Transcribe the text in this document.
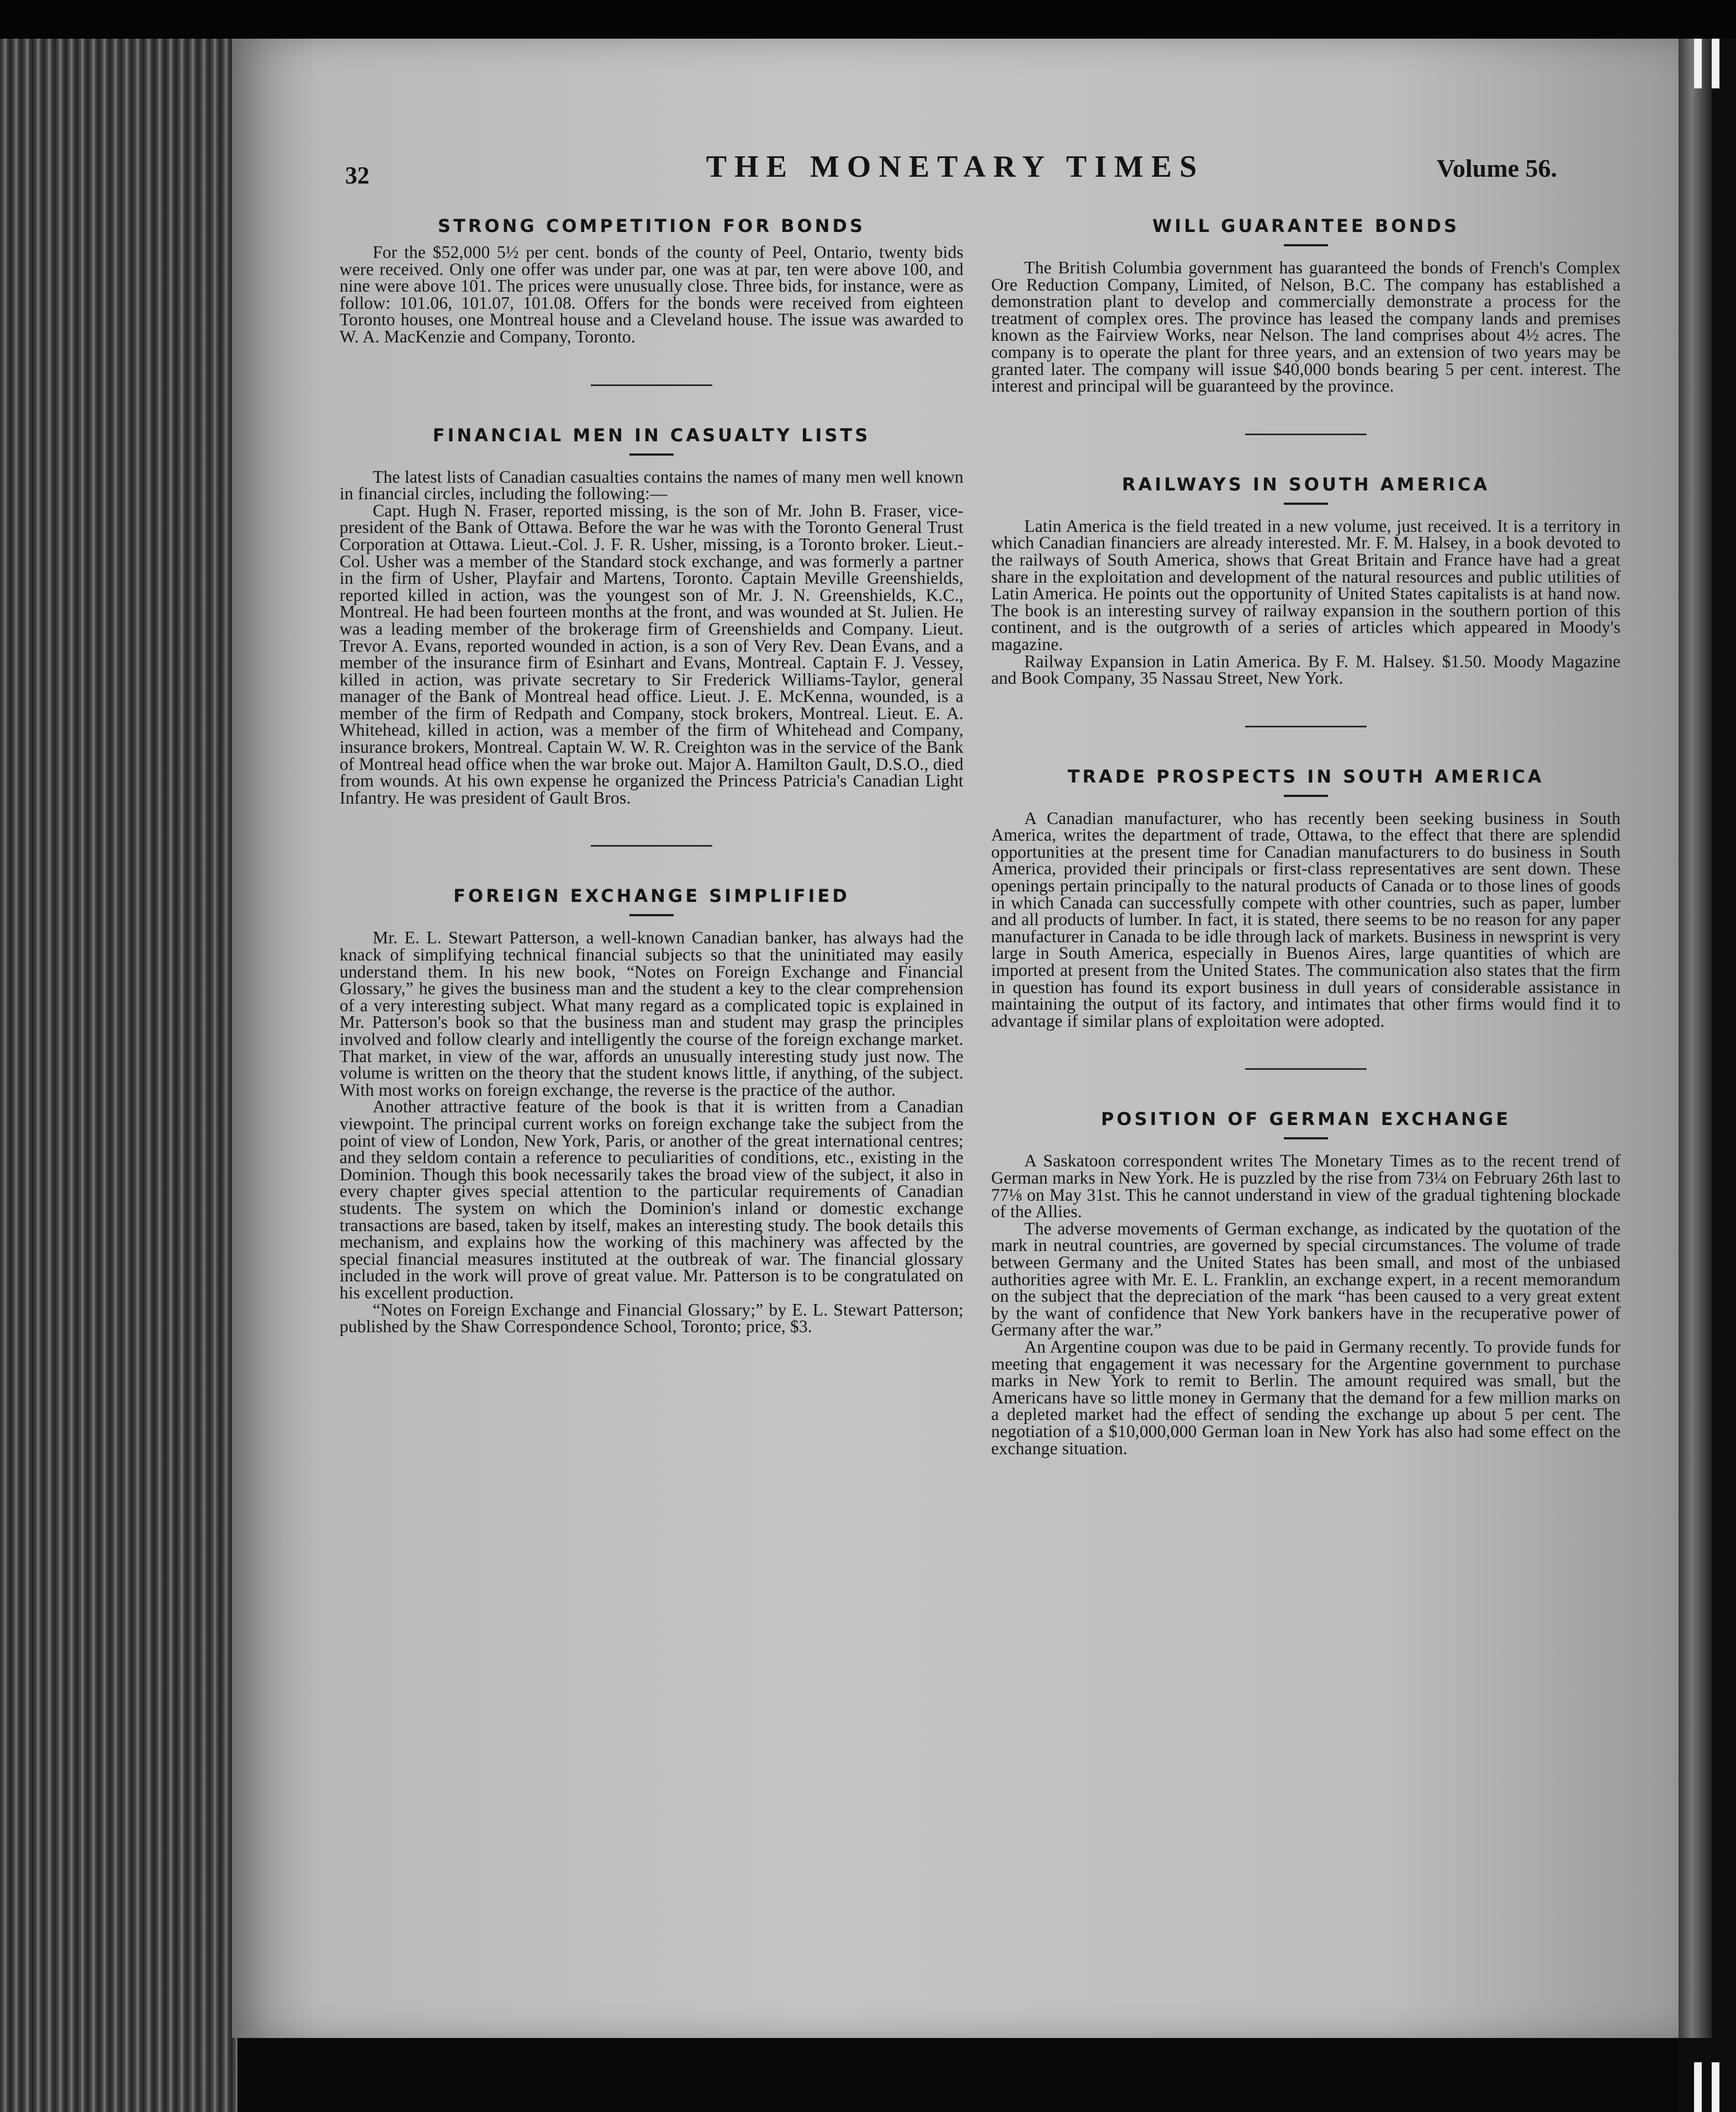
32	THE MONETARY TIMES	Volume 56.
STRONG COMPETITION FOR BONDS

For the $52,000 5½ per cent. bonds of the county of Peel, Ontario, twenty bids were received. Only one offer was under par, one was at par, ten were above 100, and nine were above 101. The prices were unusually close. Three bids, for instance, were as follow: 101.06, 101.07, 101.08. Offers for the bonds were received from eighteen Toronto houses, one Montreal house and a Cleveland house. The issue was awarded to W. A. MacKenzie and Company, Toronto.

FINANCIAL MEN IN CASUALTY LISTS

The latest lists of Canadian casualties contains the names of many men well known in financial circles, including the following:—

Capt. Hugh N. Fraser, reported missing, is the son of Mr. John B. Fraser, vice-president of the Bank of Ottawa. Before the war he was with the Toronto General Trust Corporation at Ottawa. Lieut.-Col. J. F. R. Usher, missing, is a Toronto broker. Lieut.-Col. Usher was a member of the Standard stock exchange, and was formerly a partner in the firm of Usher, Playfair and Martens, Toronto. Captain Meville Greenshields, reported killed in action, was the youngest son of Mr. J. N. Greenshields, K.C., Montreal. He had been fourteen months at the front, and was wounded at St. Julien. He was a leading member of the brokerage firm of Greenshields and Company. Lieut. Trevor A. Evans, reported wounded in action, is a son of Very Rev. Dean Evans, and a member of the insurance firm of Esinhart and Evans, Montreal. Captain F. J. Vessey, killed in action, was private secretary to Sir Frederick Williams-Taylor, general manager of the Bank of Montreal head office. Lieut. J. E. McKenna, wounded, is a member of the firm of Redpath and Company, stock brokers, Montreal. Lieut. E. A. Whitehead, killed in action, was a member of the firm of Whitehead and Company, insurance brokers, Montreal. Captain W. W. R. Creighton was in the service of the Bank of Montreal head office when the war broke out. Major A. Hamilton Gault, D.S.O., died from wounds. At his own expense he organized the Princess Patricia's Canadian Light Infantry. He was president of Gault Bros.

FOREIGN EXCHANGE SIMPLIFIED

Mr. E. L. Stewart Patterson, a well-known Canadian banker, has always had the knack of simplifying technical financial subjects so that the uninitiated may easily understand them. In his new book, “Notes on Foreign Exchange and Financial Glossary,” he gives the business man and the student a key to the clear comprehension of a very interesting subject. What many regard as a complicated topic is explained in Mr. Patterson's book so that the business man and student may grasp the principles involved and follow clearly and intelligently the course of the foreign exchange market. That market, in view of the war, affords an unusually interesting study just now. The volume is written on the theory that the student knows little, if anything, of the subject. With most works on foreign exchange, the reverse is the practice of the author.

Another attractive feature of the book is that it is written from a Canadian viewpoint. The principal current works on foreign exchange take the subject from the point of view of London, New York, Paris, or another of the great international centres; and they seldom contain a reference to peculiarities of conditions, etc., existing in the Dominion. Though this book necessarily takes the broad view of the subject, it also in every chapter gives special attention to the particular requirements of Canadian students. The system on which the Dominion's inland or domestic exchange transactions are based, taken by itself, makes an interesting study. The book details this mechanism, and explains how the working of this machinery was affected by the special financial measures instituted at the outbreak of war. The financial glossary included in the work will prove of great value. Mr. Patterson is to be congratulated on his excellent production.

“Notes on Foreign Exchange and Financial Glossary;” by E. L. Stewart Patterson; published by the Shaw Correspondence School, Toronto; price, $3.

WILL GUARANTEE BONDS

The British Columbia government has guaranteed the bonds of French's Complex Ore Reduction Company, Limited, of Nelson, B.C. The company has established a demonstration plant to develop and commercially demonstrate a process for the treatment of complex ores. The province has leased the company lands and premises known as the Fairview Works, near Nelson. The land comprises about 4½ acres. The company is to operate the plant for three years, and an extension of two years may be granted later. The company will issue $40,000 bonds bearing 5 per cent. interest. The interest and principal will be guaranteed by the province.

RAILWAYS IN SOUTH AMERICA

Latin America is the field treated in a new volume, just received. It is a territory in which Canadian financiers are already interested. Mr. F. M. Halsey, in a book devoted to the railways of South America, shows that Great Britain and France have had a great share in the exploitation and development of the natural resources and public utilities of Latin America. He points out the opportunity of United States capitalists is at hand now. The book is an interesting survey of railway expansion in the southern portion of this continent, and is the outgrowth of a series of articles which appeared in Moody's magazine.

Railway Expansion in Latin America. By F. M. Halsey. $1.50. Moody Magazine and Book Company, 35 Nassau Street, New York.

TRADE PROSPECTS IN SOUTH AMERICA

A Canadian manufacturer, who has recently been seeking business in South America, writes the department of trade, Ottawa, to the effect that there are splendid opportunities at the present time for Canadian manufacturers to do business in South America, provided their principals or first-class representatives are sent down. These openings pertain principally to the natural products of Canada or to those lines of goods in which Canada can successfully compete with other countries, such as paper, lumber and all products of lumber. In fact, it is stated, there seems to be no reason for any paper manufacturer in Canada to be idle through lack of markets. Business in newsprint is very large in South America, especially in Buenos Aires, large quantities of which are imported at present from the United States. The communication also states that the firm in question has found its export business in dull years of considerable assistance in maintaining the output of its factory, and intimates that other firms would find it to advantage if similar plans of exploitation were adopted.

POSITION OF GERMAN EXCHANGE

A Saskatoon correspondent writes The Monetary Times as to the recent trend of German marks in New York. He is puzzled by the rise from 73¼ on February 26th last to 77⅛ on May 31st. This he cannot understand in view of the gradual tightening blockade of the Allies.

The adverse movements of German exchange, as indicated by the quotation of the mark in neutral countries, are governed by special circumstances. The volume of trade between Germany and the United States has been small, and most of the unbiased authorities agree with Mr. E. L. Franklin, an exchange expert, in a recent memorandum on the subject that the depreciation of the mark “has been caused to a very great extent by the want of confidence that New York bankers have in the recuperative power of Germany after the war.”

An Argentine coupon was due to be paid in Germany recently. To provide funds for meeting that engagement it was necessary for the Argentine government to purchase marks in New York to remit to Berlin. The amount required was small, but the Americans have so little money in Germany that the demand for a few million marks on a depleted market had the effect of sending the exchange up about 5 per cent. The negotiation of a $10,000,000 German loan in New York has also had some effect on the exchange situation.
